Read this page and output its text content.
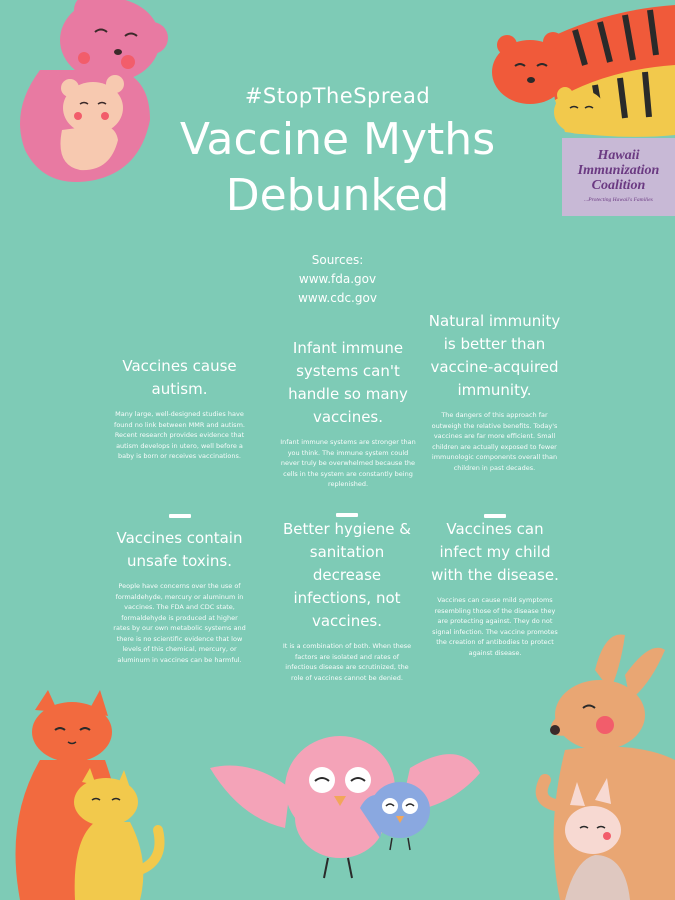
Hawaii
Immunization
Coalition
...Protecting Hawaii's Families
#StopTheSpread
Vaccine Myths
Debunked
Sources:
www.fda.gov
www.cdc.gov
Vaccines cause autism.
Many large, well-designed studies have found no link between MMR and autism. Recent research provides evidence that autism develops in utero, well before a baby is born or receives vaccinations.
Infant immune systems can't handle so many vaccines.
Infant immune systems are stronger than you think. The immune system could never truly be overwhelmed because the cells in the system are constantly being replenished.
Natural immunity is better than vaccine-acquired immunity.
The dangers of this approach far outweigh the relative benefits. Today's vaccines are far more efficient. Small children are actually exposed to fewer immunologic components overall than children in past decades.
Vaccines contain unsafe toxins.
People have concerns over the use of formaldehyde, mercury or aluminum in vaccines. The FDA and CDC state, formaldehyde is produced at higher rates by our own metabolic systems and there is no scientific evidence that low levels of this chemical, mercury, or aluminum in vaccines can be harmful.
Better hygiene & sanitation decrease infections, not vaccines.
It is a combination of both. When these factors are isolated and rates of infectious disease are scrutinized, the role of vaccines cannot be denied.
Vaccines can infect my child with the disease.
Vaccines can cause mild symptoms resembling those of the disease they are protecting against. They do not signal infection. The vaccine promotes the creation of antibodies to protect against disease.
